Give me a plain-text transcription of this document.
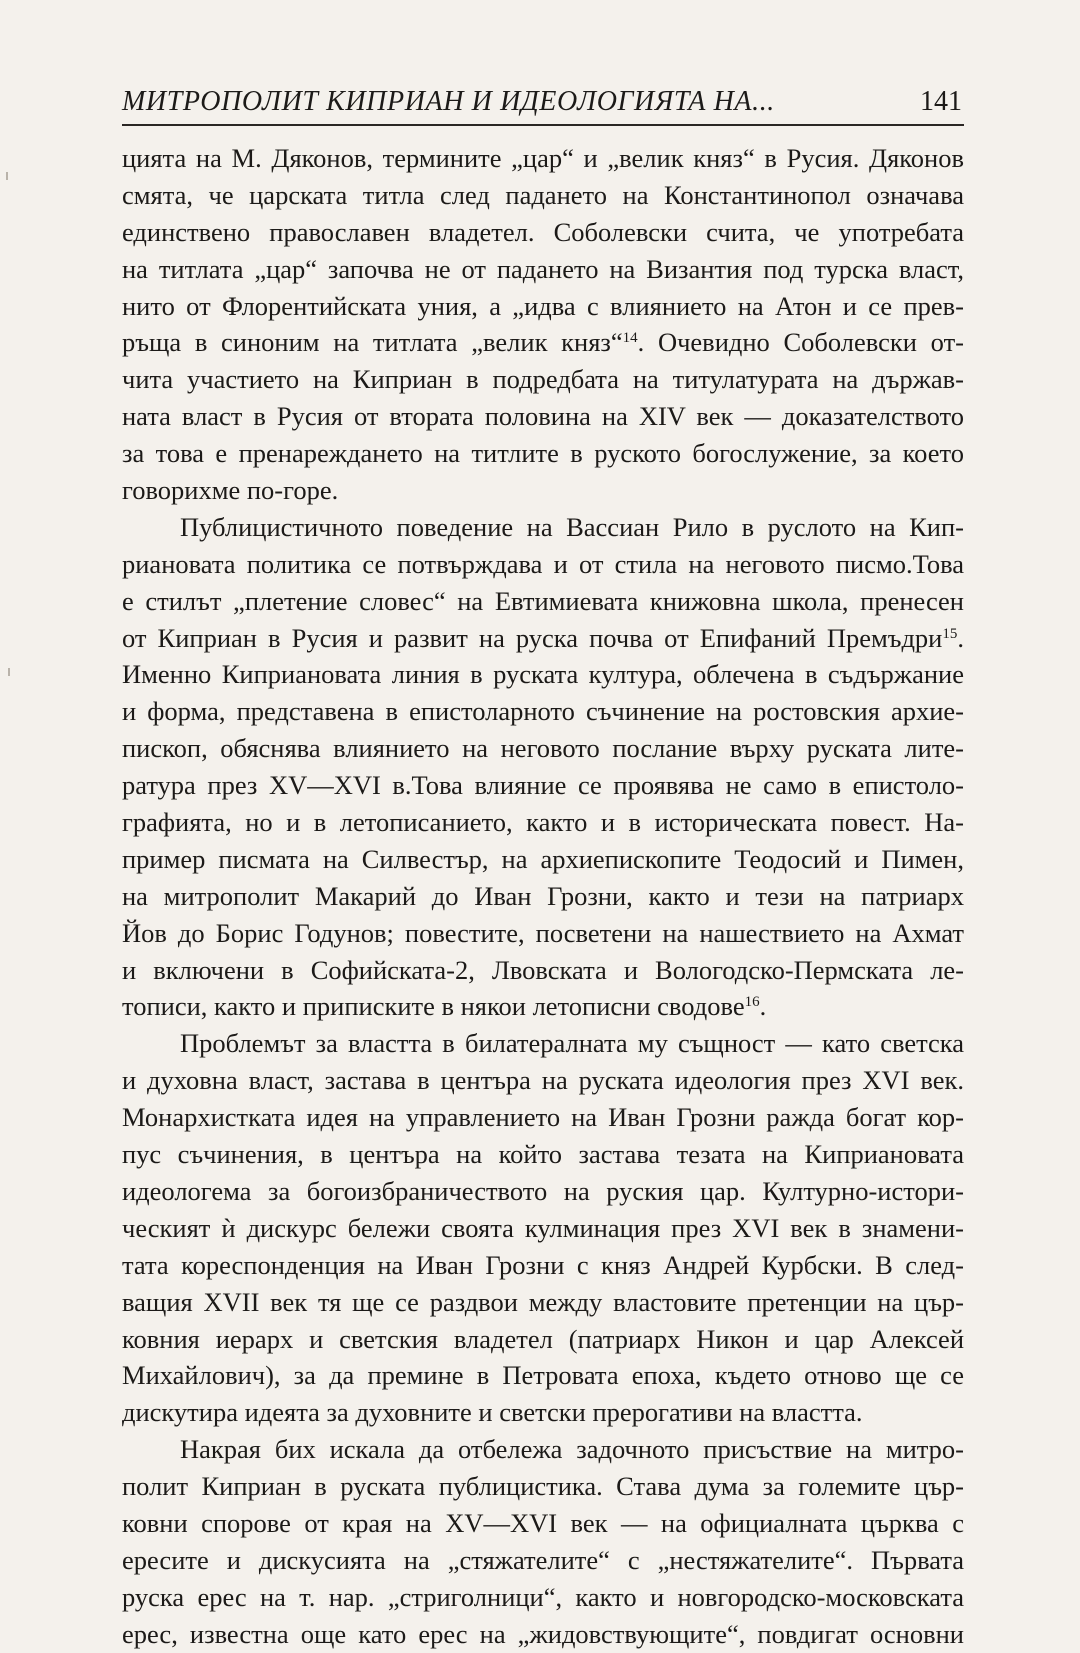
МИТРОПОЛИТ КИПРИАН И ИДЕОЛОГИЯТА НА...	141
цията на М. Дяконов, термините „цар“ и „велик княз“ в Русия. Дяконов
смята, че царската титла след падането на Константинопол означава
единствено православен владетел. Соболевски счита, че употребата
на титлата „цар“ започва не от падането на Византия под турска власт,
нито от Флорентийската уния, а „идва с влиянието на Атон и се прев-
ръща в синоним на титлата „велик княз“$^{14}$. Очевидно Соболевски от-
чита участието на Киприан в подредбата на титулатурата на държав-
ната власт в Русия от втората половина на XIV век — доказателството
за това е пренареждането на титлите в руското богослужение, за което
говорихме по-горе.
Публицистичното поведение на Вассиан Рило в руслото на Кип-
риановата политика се потвърждава и от стила на неговото писмо.Това
е стилът „плетение словес“ на Евтимиевата книжовна школа, пренесен
от Киприан в Русия и развит на руска почва от Епифаний Премъдри$^{15}$.
Именно Киприановата линия в руската култура, облечена в съдържание
и форма, представена в епистоларното съчинение на ростовския архие-
пископ, обяснява влиянието на неговото послание върху руската лите-
ратура през XV—XVI в.Това влияние се проявява не само в епистоло-
графията, но и в летописанието, както и в историческата повест. На-
пример писмата на Силвестър, на архиепископите Теодосий и Пимен,
на митрополит Макарий до Иван Грозни, както и тези на патриарх
Йов до Борис Годунов; повестите, посветени на нашествието на Ахмат
и включени в Софийската-2, Лвовската и Вологодско-Пермската ле-
тописи, както и приписките в някои летописни сводове$^{16}$.
Проблемът за властта в билатералната му същност — като светска
и духовна власт, застава в центъра на руската идеология през XVI век.
Монархистката идея на управлението на Иван Грозни ражда богат кор-
пус съчинения, в центъра на който застава тезата на Киприановата
идеологема за богоизбраничеството на руския цар. Културно-истори-
ческият ѝ дискурс бележи своята кулминация през XVI век в знамени-
тата кореспонденция на Иван Грозни с княз Андрей Курбски. В след-
ващия XVII век тя ще се раздвои между властовите претенции на цър-
ковния иерарх и светския владетел (патриарх Никон и цар Алексей
Михайлович), за да премине в Петровата епоха, където отново ще се
дискутира идеята за духовните и светски прерогативи на властта.
Накрая бих искала да отбележа задочното присъствие на митро-
полит Киприан в руската публицистика. Става дума за големите цър-
ковни спорове от края на XV—XVI век — на официалната църква с
ересите и дискусията на „стяжателите“ с „нестяжателите“. Първата
руска ерес на т. нар. „стриголници“, както и новгородско-московската
ерес, известна още като ерес на „жидовствующите“, повдигат основни
